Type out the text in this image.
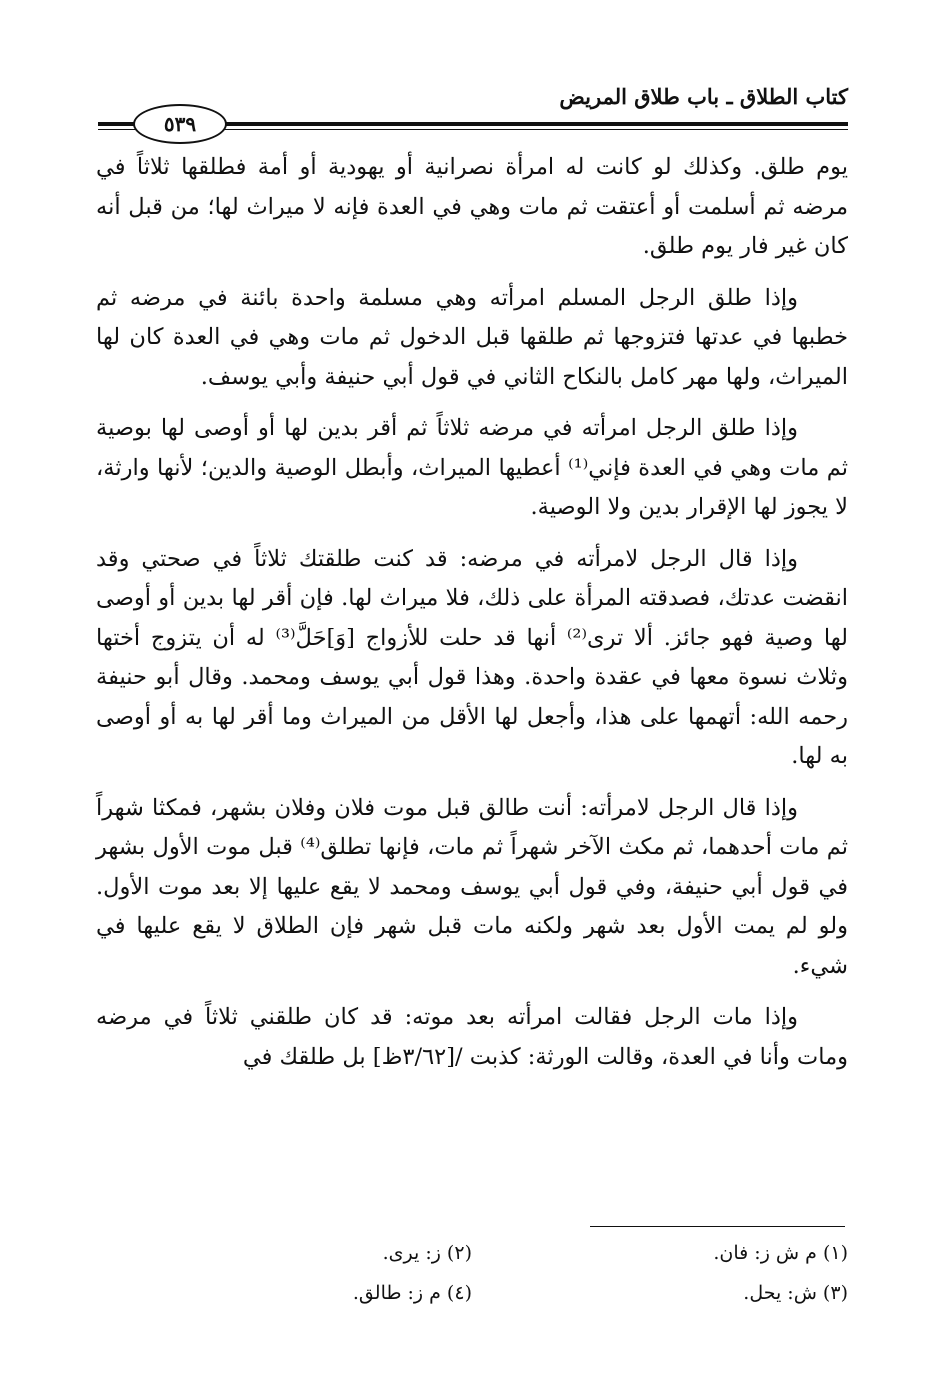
كتاب الطلاق ـ باب طلاق المريض
٥٣٩

يوم طلق. وكذلك لو كانت له امرأة نصرانية أو يهودية أو أمة فطلقها ثلاثاً في مرضه ثم أسلمت أو أعتقت ثم مات وهي في العدة فإنه لا ميراث لها؛ من قبل أنه كان غير فار يوم طلق.

وإذا طلق الرجل المسلم امرأته وهي مسلمة واحدة بائنة في مرضه ثم خطبها في عدتها فتزوجها ثم طلقها قبل الدخول ثم مات وهي في العدة كان لها الميراث، ولها مهر كامل بالنكاح الثاني في قول أبي حنيفة وأبي يوسف.

وإذا طلق الرجل امرأته في مرضه ثلاثاً ثم أقر بدين لها أو أوصى لها بوصية ثم مات وهي في العدة فإني⁽¹⁾ أعطيها الميراث، وأبطل الوصية والدين؛ لأنها وارثة، لا يجوز لها الإقرار بدين ولا الوصية.

وإذا قال الرجل لامرأته في مرضه: قد كنت طلقتك ثلاثاً في صحتي وقد انقضت عدتك، فصدقته المرأة على ذلك، فلا ميراث لها. فإن أقر لها بدين أو أوصى لها وصية فهو جائز. ألا ترى⁽²⁾ أنها قد حلت للأزواج [وَ]حَلَّ⁽³⁾ له أن يتزوج أختها وثلاث نسوة معها في عقدة واحدة. وهذا قول أبي يوسف ومحمد. وقال أبو حنيفة رحمه الله: أتهمها على هذا، وأجعل لها الأقل من الميراث وما أقر لها به أو أوصى به لها.

وإذا قال الرجل لامرأته: أنت طالق قبل موت فلان وفلان بشهر، فمكثا شهراً ثم مات أحدهما، ثم مكث الآخر شهراً ثم مات، فإنها تطلق⁽⁴⁾ قبل موت الأول بشهر في قول أبي حنيفة، وفي قول أبي يوسف ومحمد لا يقع عليها إلا بعد موت الأول. ولو لم يمت الأول بعد شهر ولكنه مات قبل شهر فإن الطلاق لا يقع عليها في شيء.

وإذا مات الرجل فقالت امرأته بعد موته: قد كان طلقني ثلاثاً في مرضه ومات وأنا في العدة، وقالت الورثة: كذبت /[٣/٦٢ظ] بل طلقك في

(١) م ش ز: فان.
(٢) ز: يرى.
(٣) ش: يحل.
(٤) م ز: طالق.
